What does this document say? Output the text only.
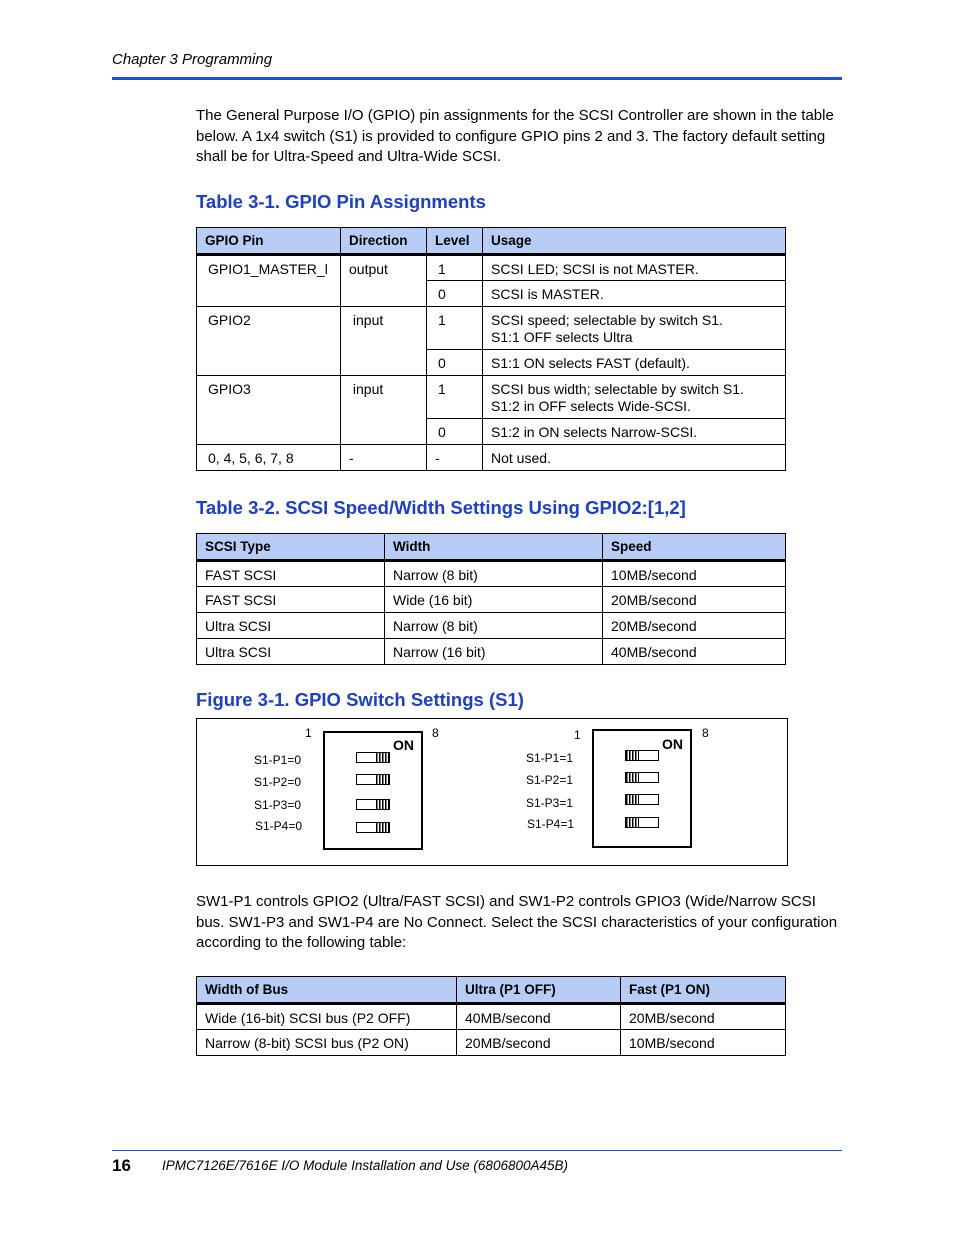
Chapter 3 Programming
The General Purpose I/O (GPIO) pin assignments for the SCSI Controller are shown in the table below. A 1x4 switch (S1) is provided to configure GPIO pins 2 and 3. The factory default setting shall be for Ultra-Speed and Ultra-Wide SCSI.
Table 3-1. GPIO Pin Assignments
GPIO Pin	Direction	Level	Usage
GPIO1_MASTER_l	output	1	SCSI LED; SCSI is not MASTER.
		0	SCSI is MASTER.
GPIO2	input	1	SCSI speed; selectable by switch S1.
S1:1 OFF selects Ultra

		0	S1:1 ON selects FAST (default).
GPIO3	input	1	SCSI bus width; selectable by switch S1.
S1:2 in OFF selects Wide-SCSI.

		0	S1:2 in ON selects Narrow-SCSI.
0, 4, 5, 6, 7, 8	-	-	Not used.
Table 3-2. SCSI Speed/Width Settings Using GPIO2:[1,2]
SCSI Type	Width	Speed
FAST SCSI	Narrow (8 bit)	10MB/second
FAST SCSI	Wide (16 bit)	20MB/second
Ultra SCSI	Narrow (8 bit)	20MB/second
Ultra SCSI	Narrow (16 bit)	40MB/second
Figure 3-1. GPIO Switch Settings (S1)
1	8
ON
S1-P1=0
S1-P2=0
S1-P3=0
S1-P4=0
1	8
ON
S1-P1=1
S1-P2=1
S1-P3=1
S1-P4=1
SW1-P1 controls GPIO2 (Ultra/FAST SCSI) and SW1-P2 controls GPIO3 (Wide/Narrow SCSI bus. SW1-P3 and SW1-P4 are No Connect. Select the SCSI characteristics of your configuration according to the following table:
Width of Bus	Ultra (P1 OFF)	Fast (P1 ON)
Wide (16-bit) SCSI bus (P2 OFF)	40MB/second	20MB/second
Narrow (8-bit) SCSI bus (P2 ON)	20MB/second	10MB/second
16 IPMC7126E/7616E I/O Module Installation and Use (6806800A45B)
